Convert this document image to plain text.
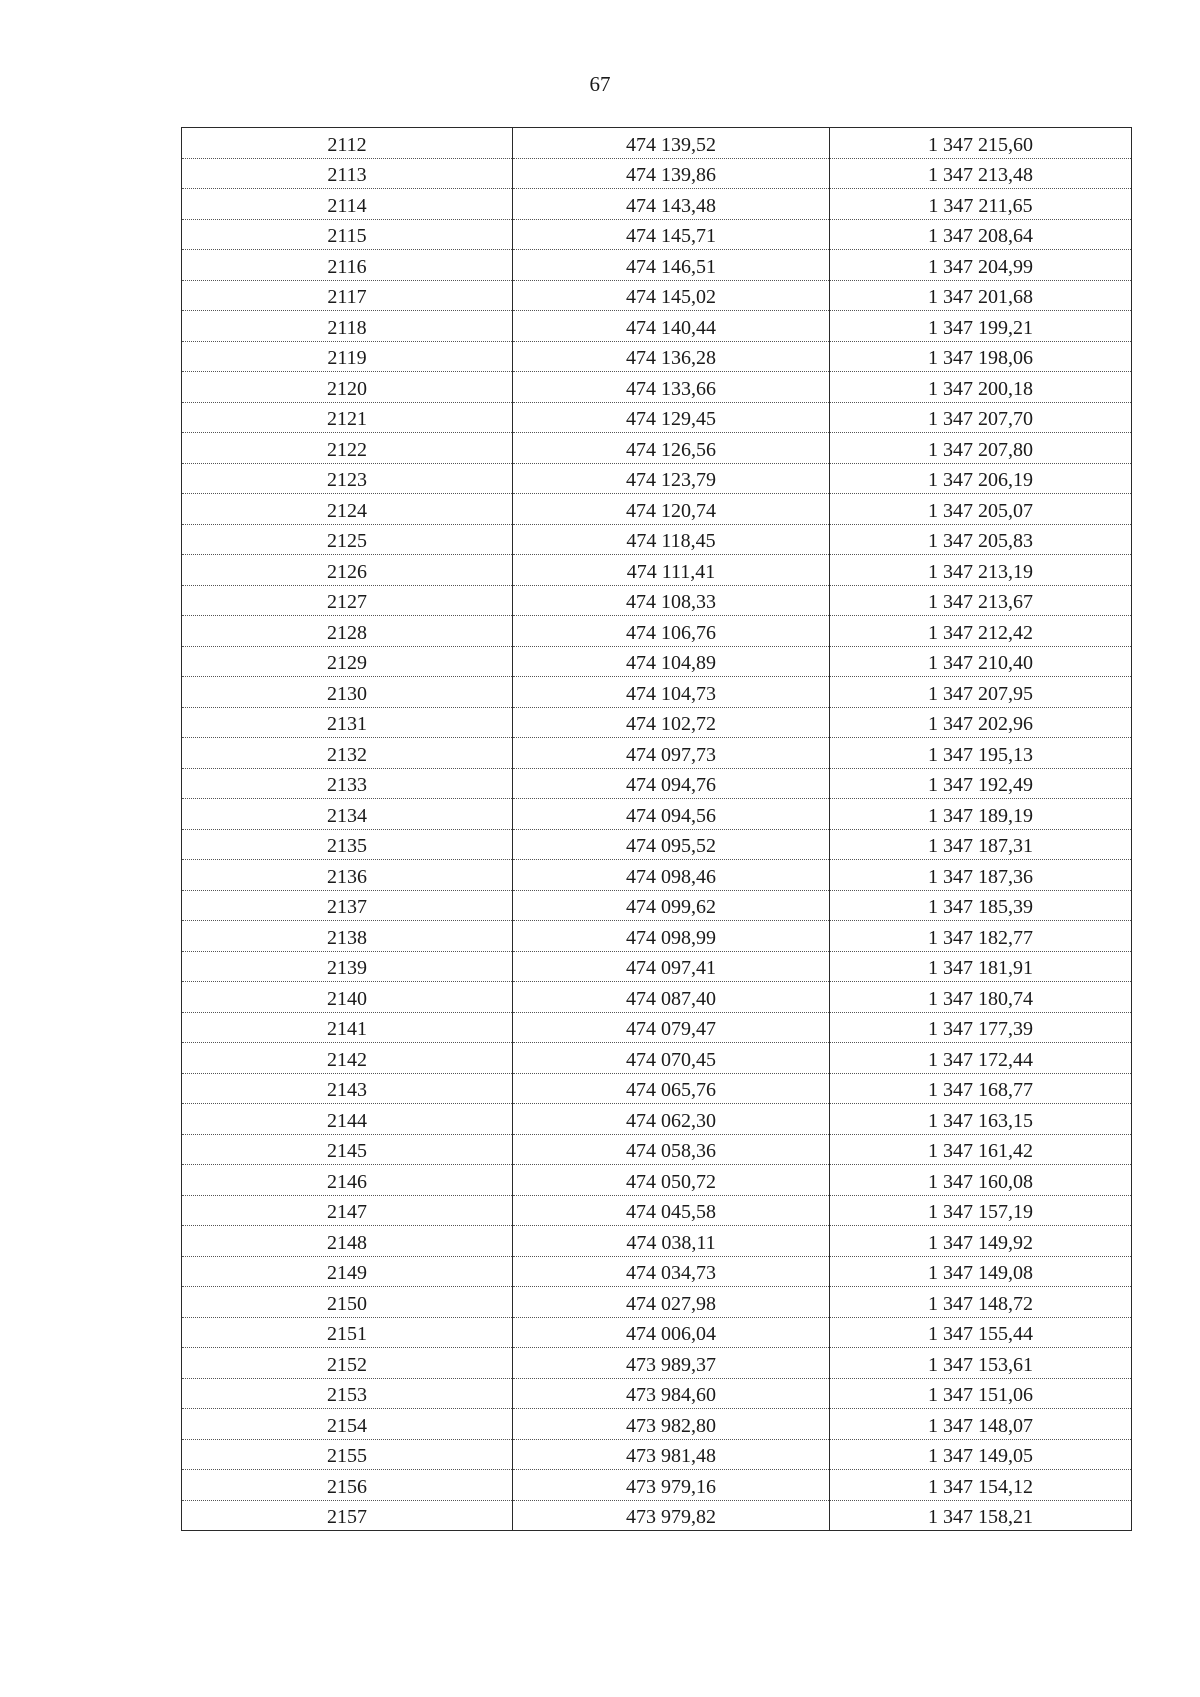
67
2112	474 139,52	1 347 215,60
2113	474 139,86	1 347 213,48
2114	474 143,48	1 347 211,65
2115	474 145,71	1 347 208,64
2116	474 146,51	1 347 204,99
2117	474 145,02	1 347 201,68
2118	474 140,44	1 347 199,21
2119	474 136,28	1 347 198,06
2120	474 133,66	1 347 200,18
2121	474 129,45	1 347 207,70
2122	474 126,56	1 347 207,80
2123	474 123,79	1 347 206,19
2124	474 120,74	1 347 205,07
2125	474 118,45	1 347 205,83
2126	474 111,41	1 347 213,19
2127	474 108,33	1 347 213,67
2128	474 106,76	1 347 212,42
2129	474 104,89	1 347 210,40
2130	474 104,73	1 347 207,95
2131	474 102,72	1 347 202,96
2132	474 097,73	1 347 195,13
2133	474 094,76	1 347 192,49
2134	474 094,56	1 347 189,19
2135	474 095,52	1 347 187,31
2136	474 098,46	1 347 187,36
2137	474 099,62	1 347 185,39
2138	474 098,99	1 347 182,77
2139	474 097,41	1 347 181,91
2140	474 087,40	1 347 180,74
2141	474 079,47	1 347 177,39
2142	474 070,45	1 347 172,44
2143	474 065,76	1 347 168,77
2144	474 062,30	1 347 163,15
2145	474 058,36	1 347 161,42
2146	474 050,72	1 347 160,08
2147	474 045,58	1 347 157,19
2148	474 038,11	1 347 149,92
2149	474 034,73	1 347 149,08
2150	474 027,98	1 347 148,72
2151	474 006,04	1 347 155,44
2152	473 989,37	1 347 153,61
2153	473 984,60	1 347 151,06
2154	473 982,80	1 347 148,07
2155	473 981,48	1 347 149,05
2156	473 979,16	1 347 154,12
2157	473 979,82	1 347 158,21
